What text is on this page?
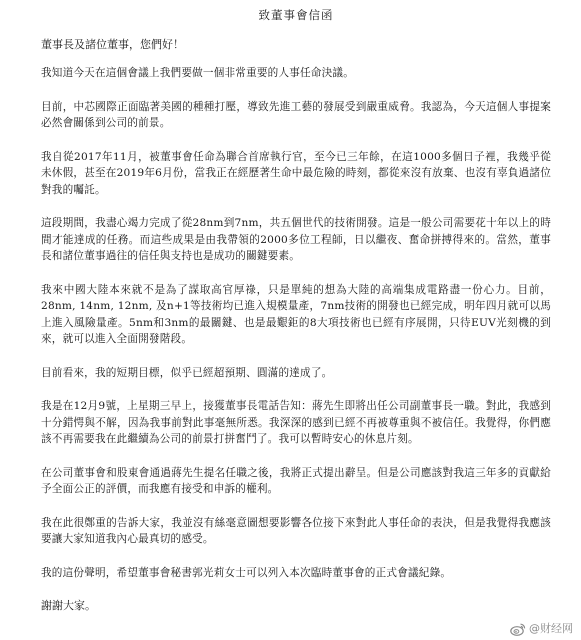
致董事會信函
董事長及諸位董事，您們好！
我知道今天在這個會議上我們要做一個非常重要的人事任命決議。
目前，中芯國際正面臨著美國的種種打壓，導致先進工藝的發展受到嚴重威脅。我認為，今天這個人事提案必然會關係到公司的前景。
我自從2017年11月，被董事會任命為聯合首席執行官，至今已三年餘，在這1000多個日子裡，我幾乎從未休假，甚至在2019年6月份，當我正在經歷著生命中最危險的時刻，都從來沒有放棄、也沒有辜負過諸位對我的囑託。
這段期間，我盡心竭力完成了從28nm到7nm，共五個世代的技術開發。這是一般公司需要花十年以上的時間才能達成的任務。而這些成果是由我帶領的2000多位工程師，日以繼夜、奮命拼搏得來的。當然，董事長和諸位董事過往的信任與支持也是成功的關鍵要素。
我來中國大陸本來就不是為了謀取高官厚祿，只是單純的想為大陸的高端集成電路盡一份心力。目前，28nm, 14nm, 12nm, 及n+1等技術均已進入規模量產，7nm技術的開發也已經完成，明年四月就可以馬上進入風險量產。5nm和3nm的最關鍵、也是最艱鉅的8大項技術也已經有序展開，只待EUV光刻機的到來，就可以進入全面開發階段。
目前看來，我的短期目標，似乎已經超預期、圓滿的達成了。
我是在12月9號，上星期三早上，接獲董事長電話告知：蔣先生即將出任公司副董事長一職。對此，我感到十分錯愕與不解，因為我事前對此事毫無所悉。我深深的感到已經不再被尊重與不被信任。我覺得，你們應該不再需要我在此繼續為公司的前景打拼奮鬥了。我可以暫時安心的休息片刻。
在公司董事會和股東會通過蔣先生提名任職之後，我將正式提出辭呈。但是公司應該對我這三年多的貢獻給予全面公正的評價，而我應有接受和申訴的權利。
我在此很鄭重的告訴大家，我並沒有絲毫意圖想要影響各位接下來對此人事任命的表決，但是我覺得我應該要讓大家知道我內心最真切的感受。
我的這份聲明，希望董事會秘書郭光莉女士可以列入本次臨時董事會的正式會議紀錄。
謝謝大家。
@财经网
